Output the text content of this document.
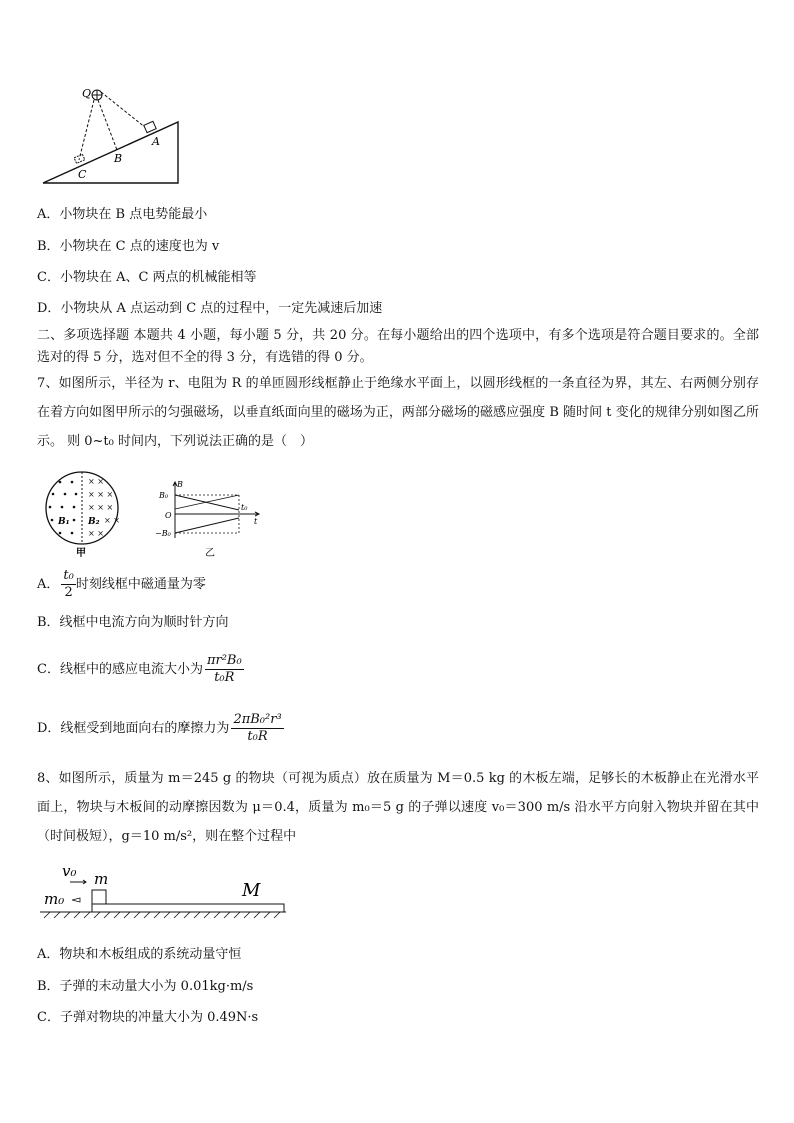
Q
A
B
C
A．小物块在 B 点电势能最小
B．小物块在 C 点的速度也为 v
C．小物块在 A、C 两点的机械能相等
D．小物块从 A 点运动到 C 点的过程中，一定先减速后加速
二、多项选择题 本题共 4 小题，每小题 5 分，共 20 分。在每小题给出的四个选项中，有多个选项是符合题目要求的。全部选对的得 5 分，选对但不全的得 3 分，有选错的得 0 分。
7、如图所示，半径为 r、电阻为 R 的单匝圆形线框静止于绝缘水平面上，以圆形线框的一条直径为界，其左、右两侧分别存在着方向如图甲所示的匀强磁场，以垂直纸面向里的磁场为正，两部分磁场的磁感应强度 B 随时间 t 变化的规律分别如图乙所示。 则 0~t₀ 时间内，下列说法正确的是（　）
× ×
× × ×
× × ×
× ×
× ×
B₁ B₂
甲
B
B₀
O
−B₀
t₀
t
乙
A． $\frac{\text{t₀}}{2}$ 时刻线框中磁通量为零
B．线框中电流方向为顺时针方向
C．线框中的感应电流大小为 $\frac{\text{πr²B₀}}{\text{t₀R}}$
D．线框受到地面向右的摩擦力为 $\frac{\text{2πB₀²r³}}{\text{t₀R}}$
8、如图所示，质量为 m＝245 g 的物块（可视为质点）放在质量为 M＝0.5 kg 的木板左端，足够长的木板静止在光滑水平面上，物块与木板间的动摩擦因数为 μ＝0.4，质量为 m₀＝5 g 的子弹以速度 v₀＝300 m/s 沿水平方向射入物块并留在其中（时间极短），g＝10 m/s²，则在整个过程中
v₀
m₀
m
M
A．物块和木板组成的系统动量守恒
B．子弹的末动量大小为 0.01kg·m/s
C．子弹对物块的冲量大小为 0.49N·s
